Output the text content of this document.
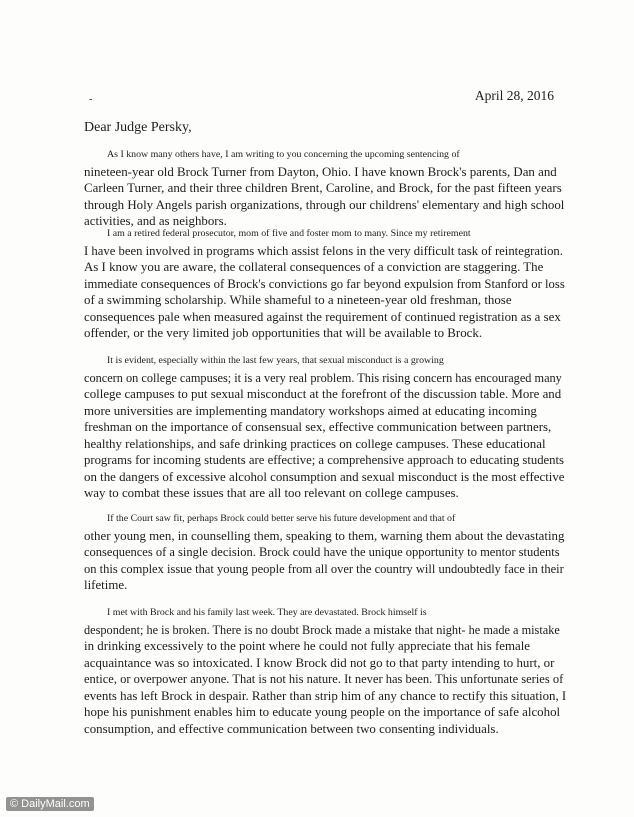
April 28, 2016
-
Dear Judge Persky,
As I know many others have, I am writing to you concerning the upcoming sentencing of
nineteen-year old Brock Turner from Dayton, Ohio. I have known Brock's parents, Dan and
Carleen Turner, and their three children Brent, Caroline, and Brock, for the past fifteen years
through Holy Angels parish organizations, through our childrens' elementary and high school
activities, and as neighbors.
I am a retired federal prosecutor, mom of five and foster mom to many. Since my retirement
I have been involved in programs which assist felons in the very difficult task of reintegration.
As I know you are aware, the collateral consequences of a conviction are staggering. The
immediate consequences of Brock's convictions go far beyond expulsion from Stanford or loss
of a swimming scholarship. While shameful to a nineteen-year old freshman, those
consequences pale when measured against the requirement of continued registration as a sex
offender, or the very limited job opportunities that will be available to Brock.
It is evident, especially within the last few years, that sexual misconduct is a growing
concern on college campuses; it is a very real problem. This rising concern has encouraged many
college campuses to put sexual misconduct at the forefront of the discussion table. More and
more universities are implementing mandatory workshops aimed at educating incoming
freshman on the importance of consensual sex, effective communication between partners,
healthy relationships, and safe drinking practices on college campuses. These educational
programs for incoming students are effective; a comprehensive approach to educating students
on the dangers of excessive alcohol consumption and sexual misconduct is the most effective
way to combat these issues that are all too relevant on college campuses.
If the Court saw fit, perhaps Brock could better serve his future development and that of
other young men, in counselling them, speaking to them, warning them about the devastating
consequences of a single decision. Brock could have the unique opportunity to mentor students
on this complex issue that young people from all over the country will undoubtedly face in their
lifetime.
I met with Brock and his family last week. They are devastated. Brock himself is
despondent; he is broken. There is no doubt Brock made a mistake that night- he made a mistake
in drinking excessively to the point where he could not fully appreciate that his female
acquaintance was so intoxicated. I know Brock did not go to that party intending to hurt, or
entice, or overpower anyone. That is not his nature. It never has been. This unfortunate series of
events has left Brock in despair. Rather than strip him of any chance to rectify this situation, I
hope his punishment enables him to educate young people on the importance of safe alcohol
consumption, and effective communication between two consenting individuals.
© DailyMail.com
